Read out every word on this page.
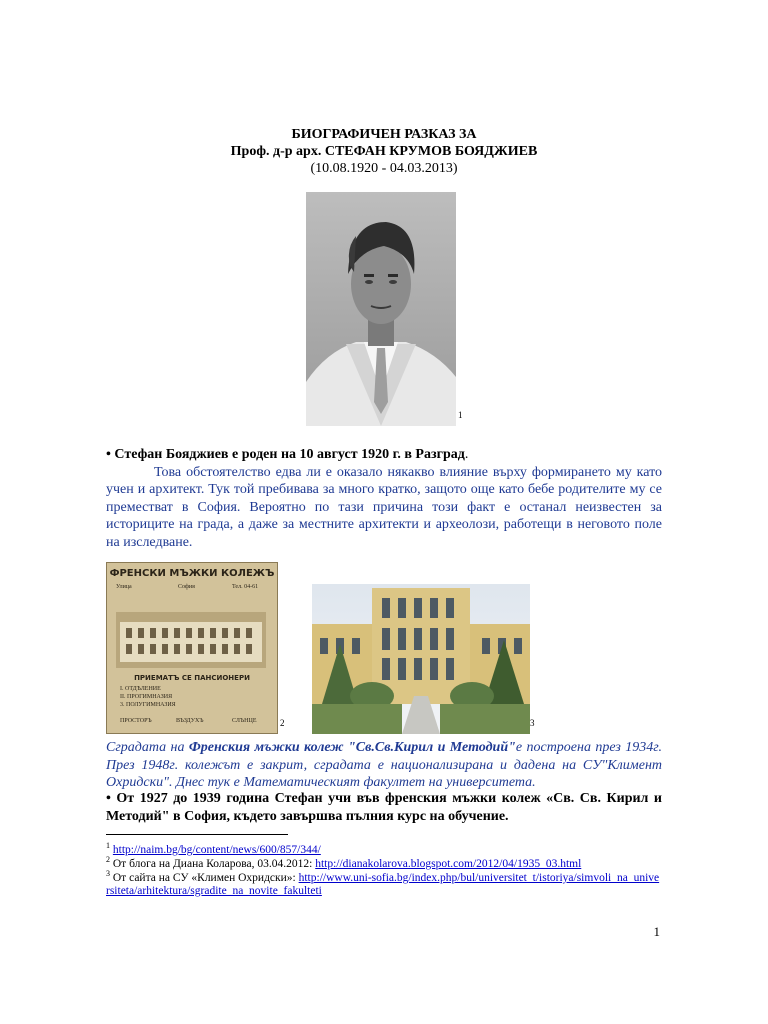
БИОГРАФИЧЕН РАЗКАЗ ЗА
Проф. д-р арх. СТЕФАН КРУМОВ БОЯДЖИЕВ
(10.08.1920 - 04.03.2013)
1
• Стефан Бояджиев е роден на 10 август 1920 г. в Разград.
Това обстоятелство едва ли е оказало някакво влияние върху формирането му като учен и архитект. Тук той пребивава за много кратко, защото още като бебе родителите му се преместват в София. Вероятно по тази причина този факт е останал неизвестен за историците на града, а даже за местните архитекти и археолози, работещи в неговото поле на изследване.
ФРЕНСКИ МЪЖКИ КОЛЕЖЪ
Улица	София	Тел. 04-61
ПРИЕМАТЪ СЕ ПАНСИОНЕРИ
I. ОТДѢЛЕНИЕ
II. ПРОГИМНАЗИЯ
3. ПОЛУГИМНАЗИЯ
ПРОСТОРЪ	ВЪЗДУХЪ	СЛЪНЦЕ	2	3
Сградата на Френския мъжки колеж "Св.Св.Кирил и Методий"е построена през 1934г. През 1948г. колежът е закрит, сградата е национализирана и дадена на СУ"Климент Охридски". Днес тук е Математическият факултет на университета.
• От 1927 до 1939 година Стефан учи във френския мъжки колеж «Св. Св. Кирил и Методий" в София, където завършва пълния курс на обучение.
$^1$ http://naim.bg/bg/content/news/600/857/344/
$^2$ От блога на Диана Коларова, 03.04.2012: http://dianakolarova.blogspot.com/2012/04/1935_03.html
$^3$ От сайта на СУ «Климен Охридски»: http://www.uni-sofia.bg/index.php/bul/universitet_t/istoriya/simvoli_na_universiteta/arhitektura/sgradite_na_novite_fakulteti
1
